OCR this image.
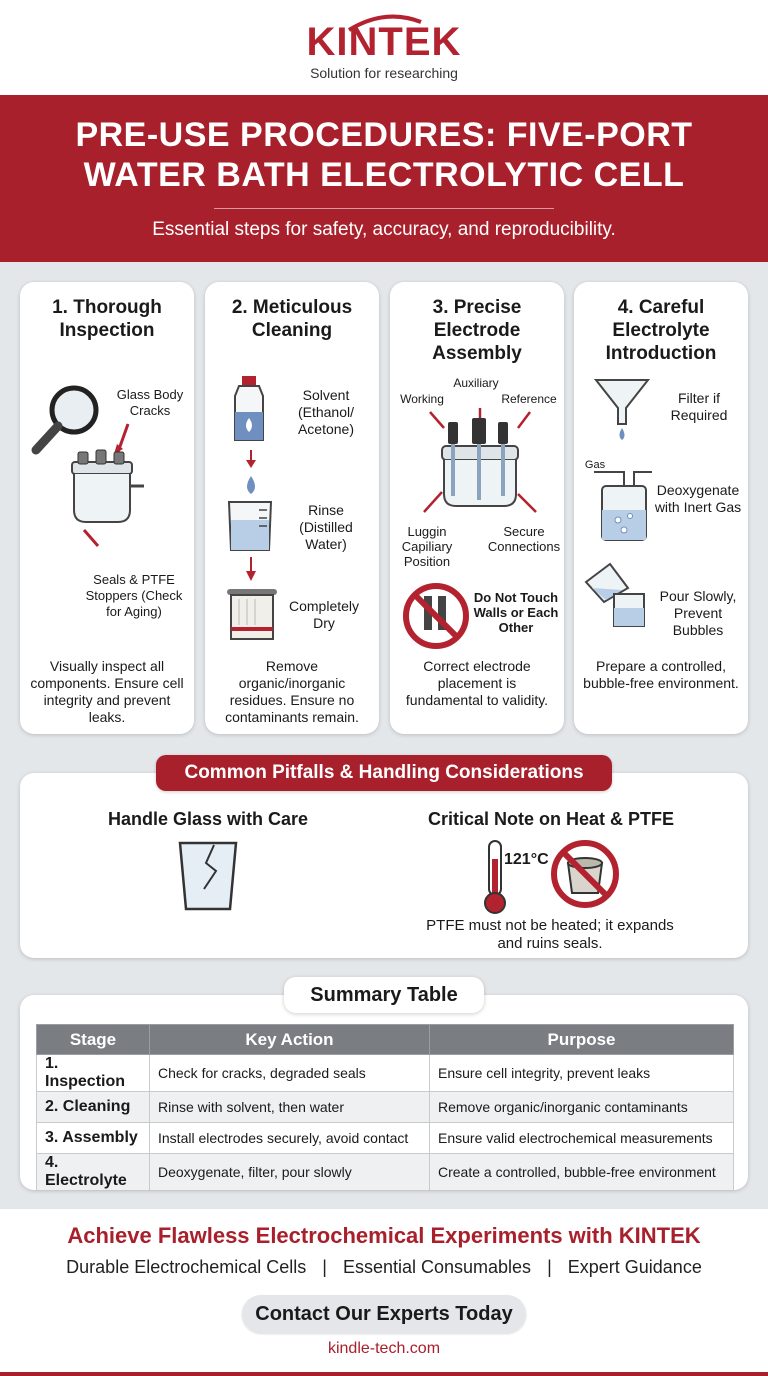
KINTEK
Solution for researching
PRE-USE PROCEDURES: FIVE-PORT WATER BATH ELECTROLYTIC CELL
Essential steps for safety, accuracy, and reproducibility.
1. Thorough Inspection
Glass Body Cracks
Seals & PTFE Stoppers (Check for Aging)
Visually inspect all components. Ensure cell integrity and prevent leaks.
2. Meticulous Cleaning
Solvent (Ethanol/ Acetone)
Rinse (Distilled Water)
Completely Dry
Remove organic/inorganic residues. Ensure no contaminants remain.
3. Precise Electrode Assembly
Auxiliary
Working	Reference
Luggin Capiliary Position
Secure Connections
Do Not Touch Walls or Each Other
Correct electrode placement is fundamental to validity.
4. Careful Electrolyte Introduction
Filter if Required
Gas
Deoxygenate with Inert Gas
Pour Slowly, Prevent Bubbles
Prepare a controlled, bubble-free environment.
Handle Glass with Care	Critical Note on Heat & PTFE
121°C
PTFE must not be heated; it expands and ruins seals.
Common Pitfalls & Handling Considerations
Stage	Key Action	Purpose
1. Inspection	Check for cracks, degraded seals	Ensure cell integrity, prevent leaks
2. Cleaning	Rinse with solvent, then water	Remove organic/inorganic contaminants
3. Assembly	Install electrodes securely, avoid contact	Ensure valid electrochemical measurements
4. Electrolyte	Deoxygenate, filter, pour slowly	Create a controlled, bubble-free environment
Summary Table
Achieve Flawless Electrochemical Experiments with KINTEK
Durable Electrochemical Cells | Essential Consumables | Expert Guidance
Contact Our Experts Today
kindle-tech.com
